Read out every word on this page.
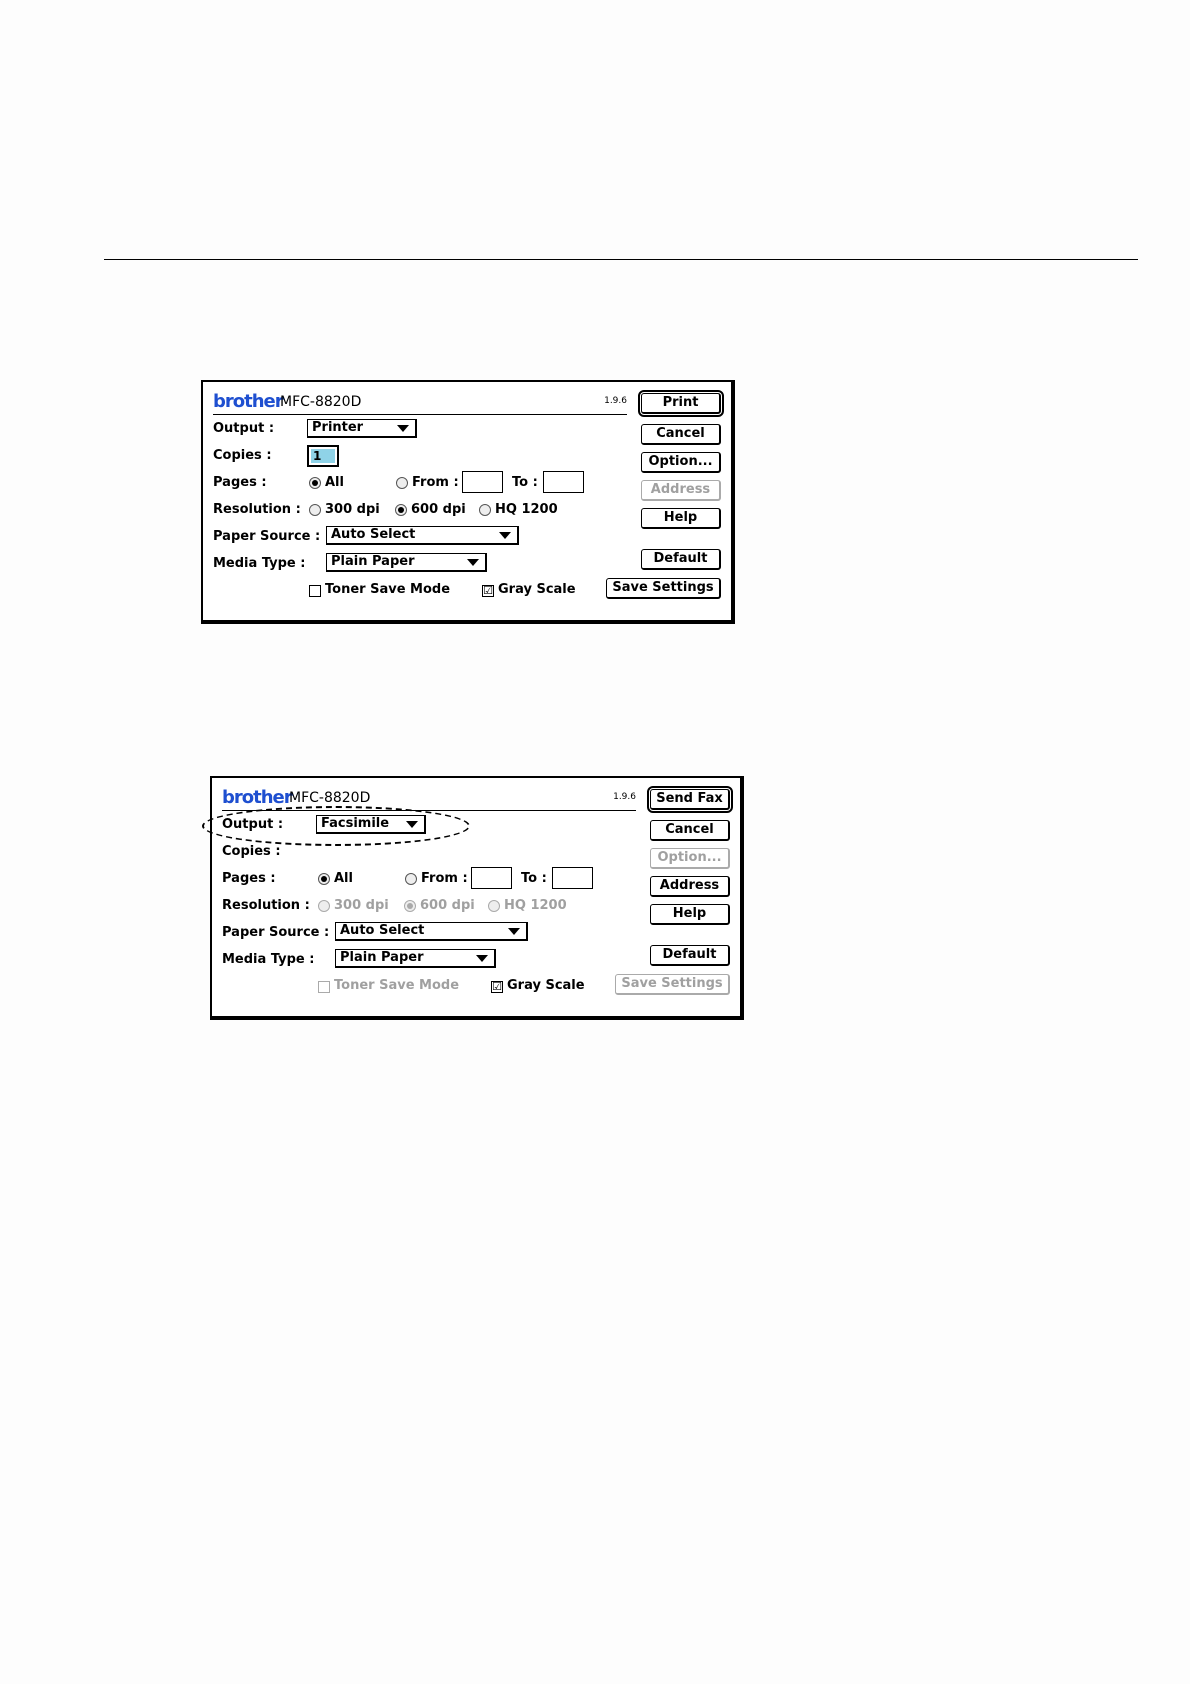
brother
MFC-8820D	1.9.6
Output :	Printer
Copies :	1
Pages :	All	From :	To :
Resolution : 300 dpi 600 dpi HQ 1200
Paper Source : Auto Select
Media Type :	Plain Paper
Toner Save Mode	☑ Gray Scale
Print
Cancel
Option...
Address
Help
Default
Save Settings
brother
MFC-8820D	1.9.6
Output :	Facsimile
Copies :
Pages :	All	From :	To :
Resolution : 300 dpi 600 dpi HQ 1200
Paper Source : Auto Select
Media Type :	Plain Paper
Toner Save Mode	☑ Gray Scale
Send Fax
Cancel
Option...
Address
Help
Default
Save Settings
